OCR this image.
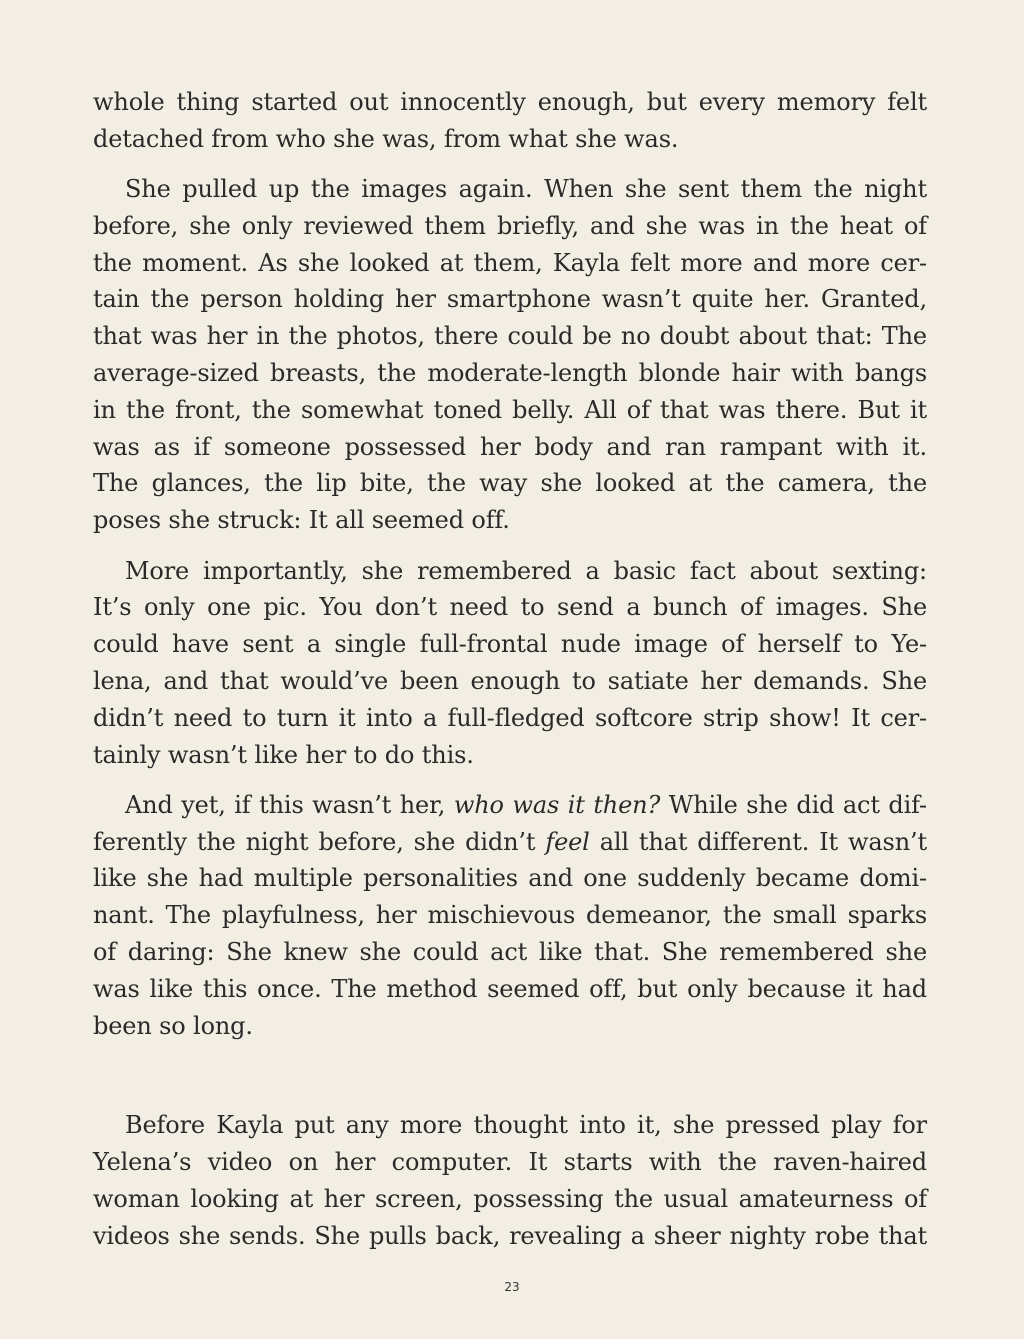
whole thing started out innocently enough, but every memory felt
detached from who she was, from what she was.
She pulled up the images again. When she sent them the night
before, she only reviewed them briefly, and she was in the heat of
the moment. As she looked at them, Kayla felt more and more cer-
tain the person holding her smartphone wasn’t quite her. Granted,
that was her in the photos, there could be no doubt about that: The
average-sized breasts, the moderate-length blonde hair with bangs
in the front, the somewhat toned belly. All of that was there. But it
was as if someone possessed her body and ran rampant with it.
The glances, the lip bite, the way she looked at the camera, the
poses she struck: It all seemed off.
More importantly, she remembered a basic fact about sexting:
It’s only one pic. You don’t need to send a bunch of images. She
could have sent a single full-frontal nude image of herself to Ye-
lena, and that would’ve been enough to satiate her demands. She
didn’t need to turn it into a full-fledged softcore strip show! It cer-
tainly wasn’t like her to do this.
And yet, if this wasn’t her, who was it then? While she did act dif-
ferently the night before, she didn’t feel all that different. It wasn’t
like she had multiple personalities and one suddenly became domi-
nant. The playfulness, her mischievous demeanor, the small sparks
of daring: She knew she could act like that. She remembered she
was like this once. The method seemed off, but only because it had
been so long.
Before Kayla put any more thought into it, she pressed play for
Yelena’s video on her computer. It starts with the raven-haired
woman looking at her screen, possessing the usual amateurness of
videos she sends. She pulls back, revealing a sheer nighty robe that
23
